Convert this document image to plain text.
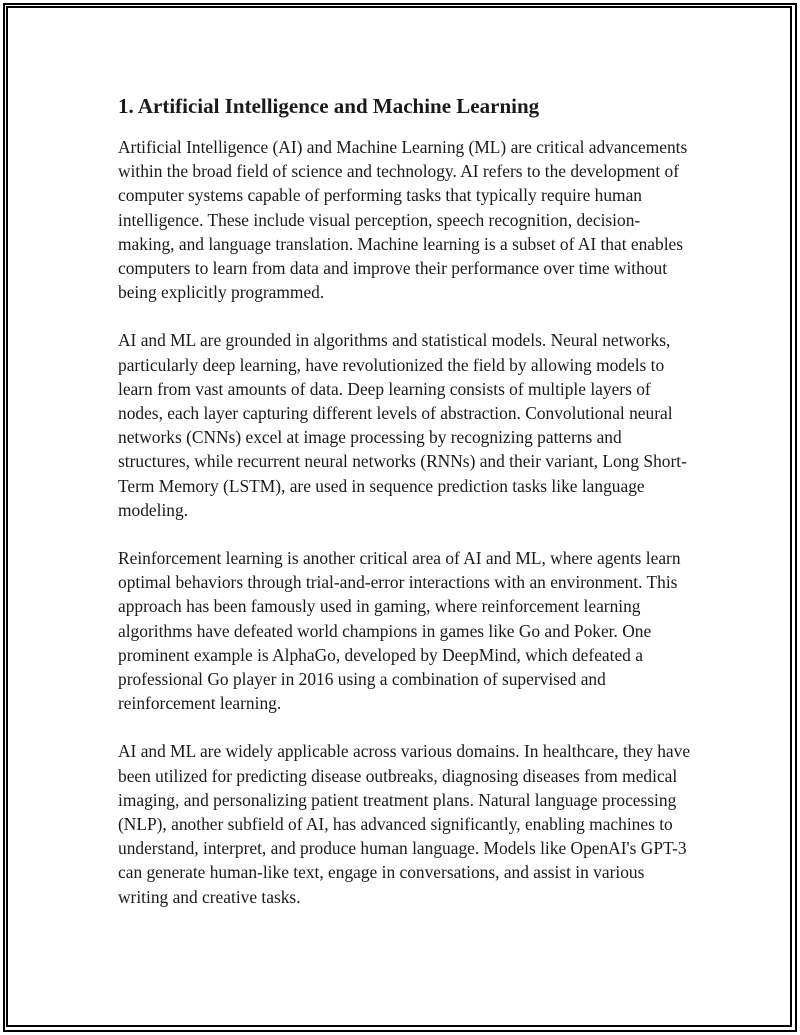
1. Artificial Intelligence and Machine Learning

Artificial Intelligence (AI) and Machine Learning (ML) are critical advancements within the broad field of science and technology. AI refers to the development of computer systems capable of performing tasks that typically require human intelligence. These include visual perception, speech recognition, decision-making, and language translation. Machine learning is a subset of AI that enables computers to learn from data and improve their performance over time without being explicitly programmed.

AI and ML are grounded in algorithms and statistical models. Neural networks, particularly deep learning, have revolutionized the field by allowing models to learn from vast amounts of data. Deep learning consists of multiple layers of nodes, each layer capturing different levels of abstraction. Convolutional neural networks (CNNs) excel at image processing by recognizing patterns and structures, while recurrent neural networks (RNNs) and their variant, Long Short-Term Memory (LSTM), are used in sequence prediction tasks like language modeling.

Reinforcement learning is another critical area of AI and ML, where agents learn optimal behaviors through trial-and-error interactions with an environment. This approach has been famously used in gaming, where reinforcement learning algorithms have defeated world champions in games like Go and Poker. One prominent example is AlphaGo, developed by DeepMind, which defeated a professional Go player in 2016 using a combination of supervised and reinforcement learning.

AI and ML are widely applicable across various domains. In healthcare, they have been utilized for predicting disease outbreaks, diagnosing diseases from medical imaging, and personalizing patient treatment plans. Natural language processing (NLP), another subfield of AI, has advanced significantly, enabling machines to understand, interpret, and produce human language. Models like OpenAI's GPT-3 can generate human-like text, engage in conversations, and assist in various writing and creative tasks.
